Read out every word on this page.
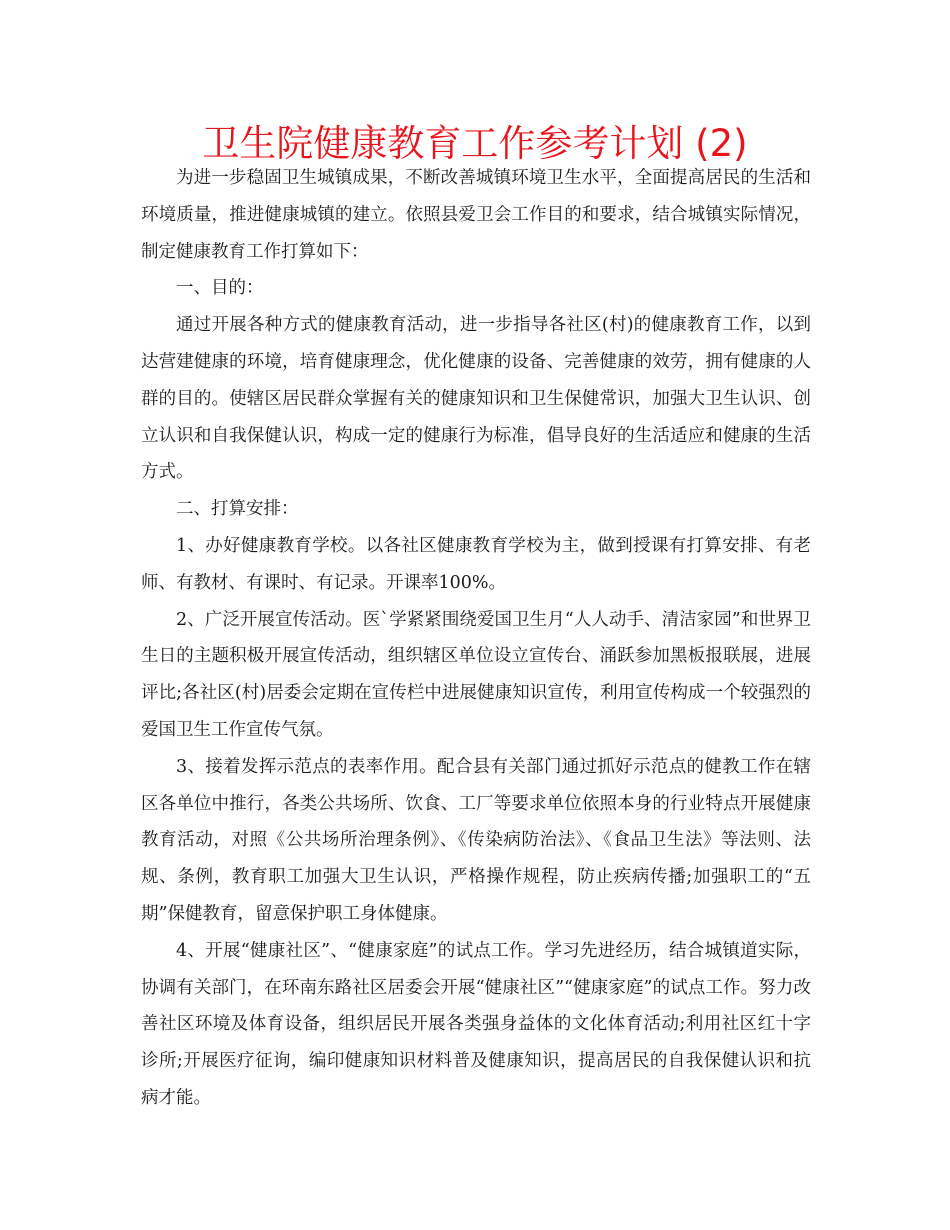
卫生院健康教育工作参考计划 (2)

为进一步稳固卫生城镇成果，不断改善城镇环境卫生水平，全面提高居民的生活和环境质量，推进健康城镇的建立。依照县爱卫会工作目的和要求，结合城镇实际情况，制定健康教育工作打算如下：

一、目的：

通过开展各种方式的健康教育活动，进一步指导各社区(村)的健康教育工作，以到达营建健康的环境，培育健康理念，优化健康的设备、完善健康的效劳，拥有健康的人群的目的。使辖区居民群众掌握有关的健康知识和卫生保健常识，加强大卫生认识、创立认识和自我保健认识，构成一定的健康行为标准，倡导良好的生活适应和健康的生活方式。

二、打算安排：

1、办好健康教育学校。以各社区健康教育学校为主，做到授课有打算安排、有老师、有教材、有课时、有记录。开课率100%。

2、广泛开展宣传活动。医`学紧紧围绕爱国卫生月“人人动手、清洁家园”和世界卫生日的主题积极开展宣传活动，组织辖区单位设立宣传台、涌跃参加黑板报联展，进展评比;各社区(村)居委会定期在宣传栏中进展健康知识宣传，利用宣传构成一个较强烈的爱国卫生工作宣传气氛。

3、接着发挥示范点的表率作用。配合县有关部门通过抓好示范点的健教工作在辖区各单位中推行，各类公共场所、饮食、工厂等要求单位依照本身的行业特点开展健康教育活动，对照《公共场所治理条例》、《传染病防治法》、《食品卫生法》等法则、法规、条例，教育职工加强大卫生认识，严格操作规程，防止疾病传播;加强职工的“五期”保健教育，留意保护职工身体健康。

4、开展“健康社区”、“健康家庭”的试点工作。学习先进经历，结合城镇道实际，协调有关部门，在环南东路社区居委会开展“健康社区”“健康家庭”的试点工作。努力改善社区环境及体育设备，组织居民开展各类强身益体的文化体育活动;利用社区红十字诊所;开展医疗征询，编印健康知识材料普及健康知识，提高居民的自我保健认识和抗病才能。
